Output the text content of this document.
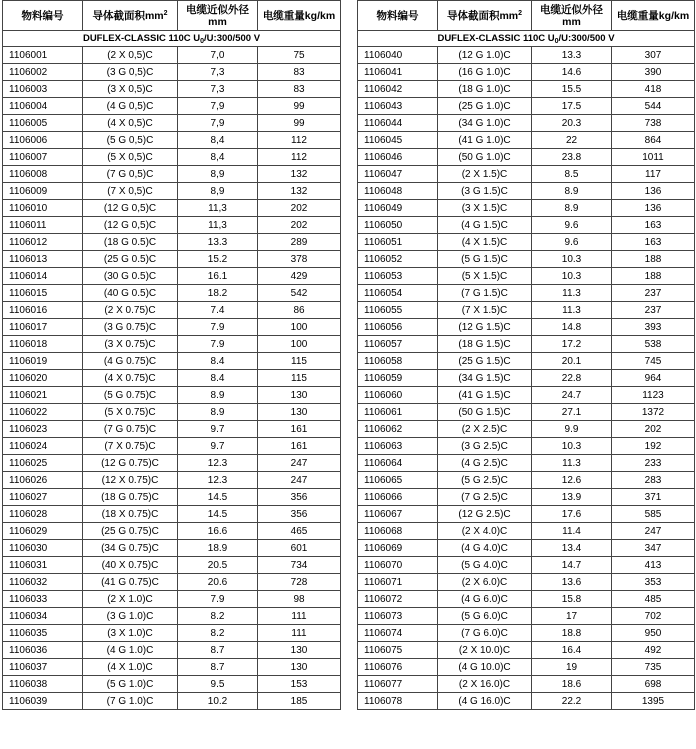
物料编号	导体截面积$mm^2$	电缆近似外径
mm	电缆重量kg/km
DUFLEX-CLASSIC 110C $U_0/U:300/500$ V			
1106001	(2 X 0,5)C	7,0	75
1106002	(3 G 0,5)C	7,3	83
1106003	(3 X 0,5)C	7,3	83
1106004	(4 G 0,5)C	7,9	99
1106005	(4 X 0,5)C	7,9	99
1106006	(5 G 0,5)C	8,4	112
1106007	(5 X 0,5)C	8,4	112
1106008	(7 G 0,5)C	8,9	132
1106009	(7 X 0,5)C	8,9	132
1106010	(12 G 0,5)C	11,3	202
1106011	(12 G 0,5)C	11,3	202
1106012	(18 G 0.5)C	13.3	289
1106013	(25 G 0.5)C	15.2	378
1106014	(30 G 0.5)C	16.1	429
1106015	(40 G 0.5)C	18.2	542
1106016	(2 X 0.75)C	7.4	86
1106017	(3 G 0.75)C	7.9	100
1106018	(3 X 0.75)C	7.9	100
1106019	(4 G 0.75)C	8.4	115
1106020	(4 X 0.75)C	8.4	115
1106021	(5 G 0.75)C	8.9	130
1106022	(5 X 0.75)C	8.9	130
1106023	(7 G 0.75)C	9.7	161
1106024	(7 X 0.75)C	9.7	161
1106025	(12 G 0.75)C	12.3	247
1106026	(12 X 0.75)C	12.3	247
1106027	(18 G 0.75)C	14.5	356
1106028	(18 X 0.75)C	14.5	356
1106029	(25 G 0.75)C	16.6	465
1106030	(34 G 0.75)C	18.9	601
1106031	(40 X 0.75)C	20.5	734
1106032	(41 G 0.75)C	20.6	728
1106033	(2 X 1.0)C	7.9	98
1106034	(3 G 1.0)C	8.2	111
1106035	(3 X 1.0)C	8.2	111
1106036	(4 G 1.0)C	8.7	130
1106037	(4 X 1.0)C	8.7	130
1106038	(5 G 1.0)C	9.5	153
1106039	(7 G 1.0)C	10.2	185
物料编号	导体截面积$mm^2$	电缆近似外径
mm	电缆重量kg/km
DUFLEX-CLASSIC 110C $U_0/U:300/500$ V			
1106040	(12 G 1.0)C	13.3	307
1106041	(16 G 1.0)C	14.6	390
1106042	(18 G 1.0)C	15.5	418
1106043	(25 G 1.0)C	17.5	544
1106044	(34 G 1.0)C	20.3	738
1106045	(41 G 1.0)C	22	864
1106046	(50 G 1.0)C	23.8	1011
1106047	(2 X 1.5)C	8.5	117
1106048	(3 G 1.5)C	8.9	136
1106049	(3 X 1.5)C	8.9	136
1106050	(4 G 1.5)C	9.6	163
1106051	(4 X 1.5)C	9.6	163
1106052	(5 G 1.5)C	10.3	188
1106053	(5 X 1.5)C	10.3	188
1106054	(7 G 1.5)C	11.3	237
1106055	(7 X 1.5)C	11.3	237
1106056	(12 G 1.5)C	14.8	393
1106057	(18 G 1.5)C	17.2	538
1106058	(25 G 1.5)C	20.1	745
1106059	(34 G 1.5)C	22.8	964
1106060	(41 G 1.5)C	24.7	1123
1106061	(50 G 1.5)C	27.1	1372
1106062	(2 X 2.5)C	9.9	202
1106063	(3 G 2.5)C	10.3	192
1106064	(4 G 2.5)C	11.3	233
1106065	(5 G 2.5)C	12.6	283
1106066	(7 G 2.5)C	13.9	371
1106067	(12 G 2.5)C	17.6	585
1106068	(2 X 4.0)C	11.4	247
1106069	(4 G 4.0)C	13.4	347
1106070	(5 G 4.0)C	14.7	413
1106071	(2 X 6.0)C	13.6	353
1106072	(4 G 6.0)C	15.8	485
1106073	(5 G 6.0)C	17	702
1106074	(7 G 6.0)C	18.8	950
1106075	(2 X 10.0)C	16.4	492
1106076	(4 G 10.0)C	19	735
1106077	(2 X 16.0)C	18.6	698
1106078	(4 G 16.0)C	22.2	1395
